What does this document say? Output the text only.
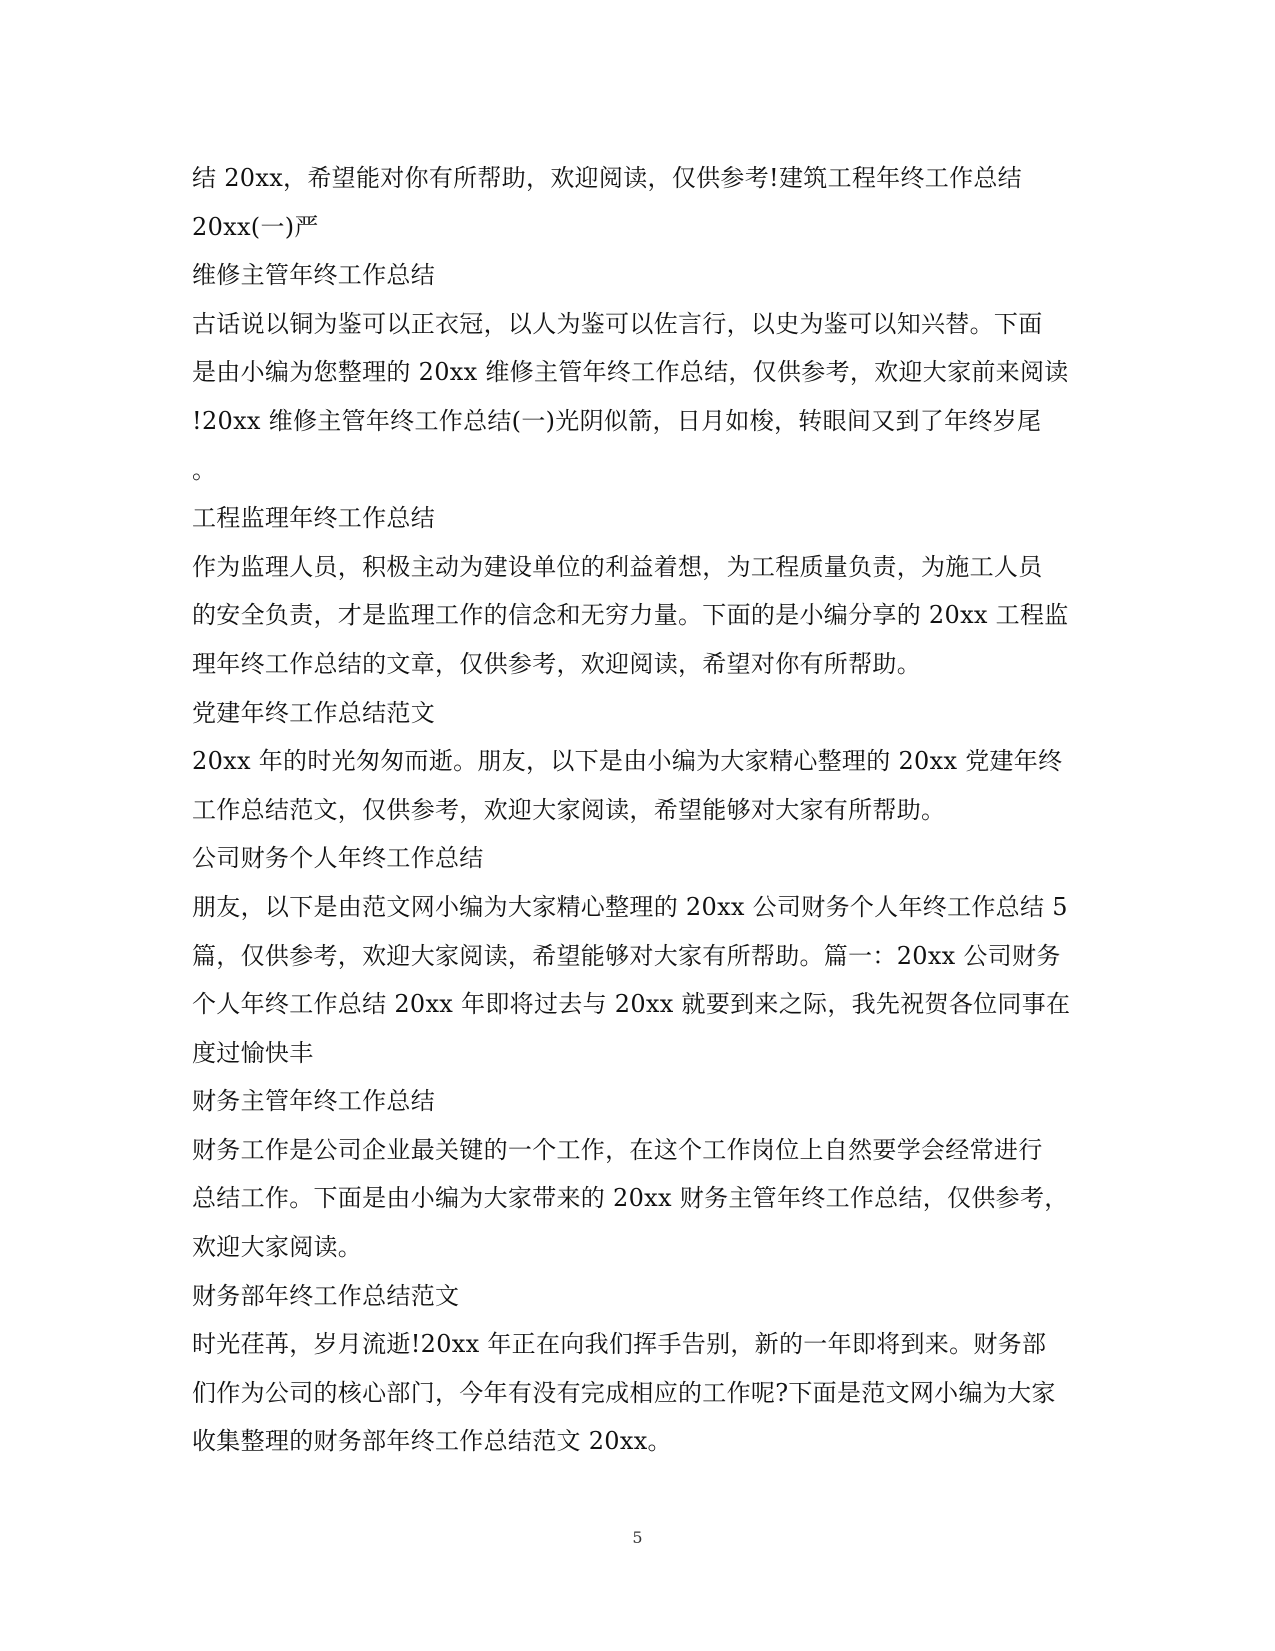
结 20xx，希望能对你有所帮助，欢迎阅读，仅供参考!建筑工程年终工作总结
20xx(一)严
维修主管年终工作总结
古话说以铜为鉴可以正衣冠，以人为鉴可以佐言行，以史为鉴可以知兴替。下面
是由小编为您整理的 20xx 维修主管年终工作总结，仅供参考，欢迎大家前来阅读
!20xx 维修主管年终工作总结(一)光阴似箭，日月如梭，转眼间又到了年终岁尾
。
工程监理年终工作总结
作为监理人员，积极主动为建设单位的利益着想，为工程质量负责，为施工人员
的安全负责，才是监理工作的信念和无穷力量。下面的是小编分享的 20xx 工程监
理年终工作总结的文章，仅供参考，欢迎阅读，希望对你有所帮助。
党建年终工作总结范文
20xx 年的时光匆匆而逝。朋友，以下是由小编为大家精心整理的 20xx 党建年终
工作总结范文，仅供参考，欢迎大家阅读，希望能够对大家有所帮助。
公司财务个人年终工作总结
朋友，以下是由范文网小编为大家精心整理的 20xx 公司财务个人年终工作总结 5
篇，仅供参考，欢迎大家阅读，希望能够对大家有所帮助。篇一：20xx 公司财务
个人年终工作总结 20xx 年即将过去与 20xx 就要到来之际，我先祝贺各位同事在
度过愉快丰
财务主管年终工作总结
财务工作是公司企业最关键的一个工作，在这个工作岗位上自然要学会经常进行
总结工作。下面是由小编为大家带来的 20xx 财务主管年终工作总结，仅供参考，
欢迎大家阅读。
财务部年终工作总结范文
时光荏苒，岁月流逝!20xx 年正在向我们挥手告别，新的一年即将到来。财务部
们作为公司的核心部门，今年有没有完成相应的工作呢?下面是范文网小编为大家
收集整理的财务部年终工作总结范文 20xx。
5
